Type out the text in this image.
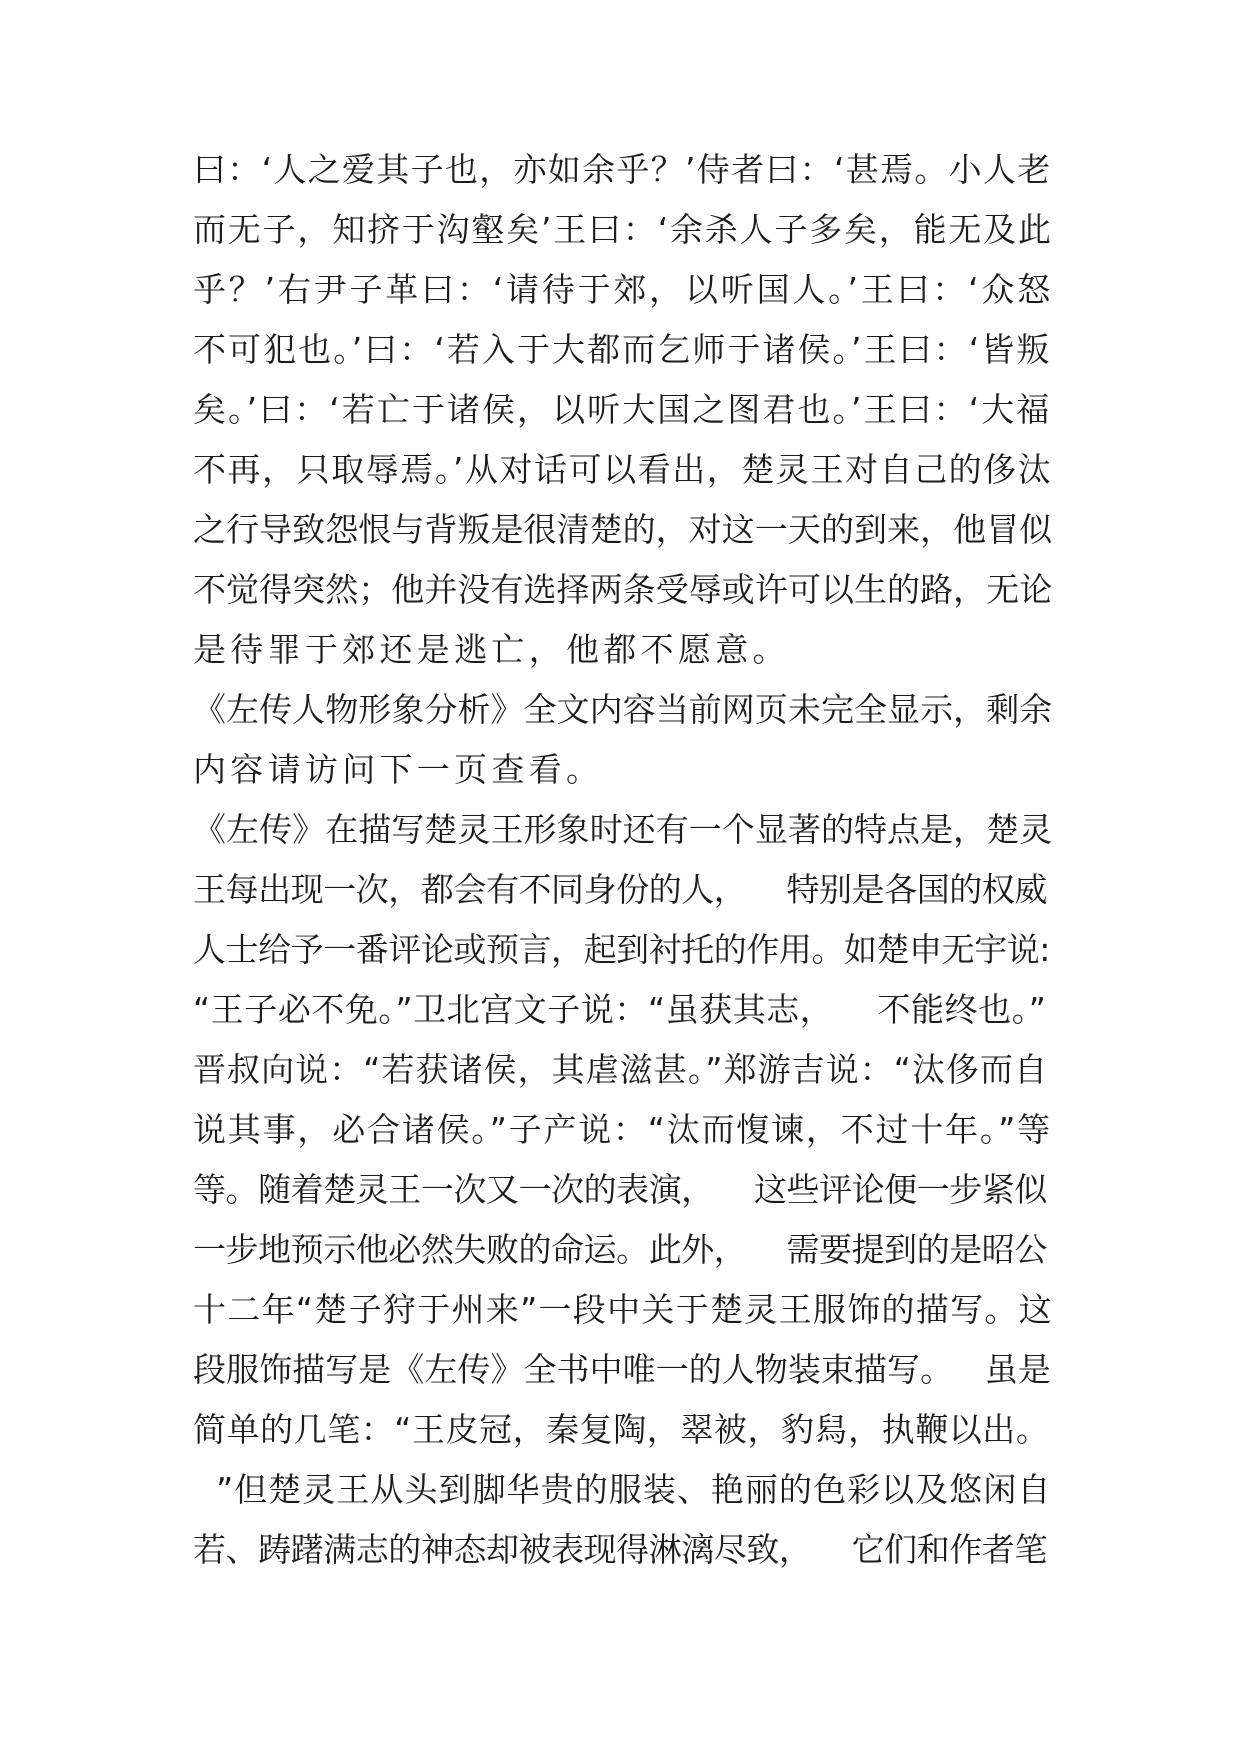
曰：‘人之爱其子也，亦如余乎？’侍者曰：‘甚焉。小人老
而无子，知挤于沟壑矣’王曰：‘余杀人子多矣，能无及此
乎？’右尹子革曰：‘请待于郊，以听国人。’王曰：‘众怒
不可犯也。’曰：‘若入于大都而乞师于诸侯。’王曰：‘皆叛
矣。’曰：‘若亡于诸侯，以听大国之图君也。’王曰：‘大福
不再，只取辱焉。’从对话可以看出，楚灵王对自己的侈汰
之行导致怨恨与背叛是很清楚的，对这一天的到来，他冒似
不觉得突然；他并没有选择两条受辱或许可以生的路，无论
是待罪于郊还是逃亡，他都不愿意。
《左传人物形象分析》全文内容当前网页未完全显示，剩余
内容请访问下一页查看。
《左传》在描写楚灵王形象时还有一个显著的特点是，楚灵
王每出现一次，都会有不同身份的人，    特别是各国的权威
人士给予一番评论或预言，起到衬托的作用。如楚申无宇说:
“王子必不免。”卫北宫文子说：“虽获其志，    不能终也。”
晋叔向说：“若获诸侯，其虐滋甚。”郑游吉说：“汰侈而自
说其事，必合诸侯。”子产说：“汰而愎谏，不过十年。”等
等。随着楚灵王一次又一次的表演，    这些评论便一步紧似
一步地预示他必然失败的命运。此外，    需要提到的是昭公
十二年“楚子狩于州来”一段中关于楚灵王服饰的描写。这
段服饰描写是《左传》全书中唯一的人物装束描写。   虽是
简单的几笔：“王皮冠，秦复陶，翠被，豹舄，执鞭以出。
”但楚灵王从头到脚华贵的服装、艳丽的色彩以及悠闲自
若、踌躇满志的神态却被表现得淋漓尽致，    它们和作者笔
